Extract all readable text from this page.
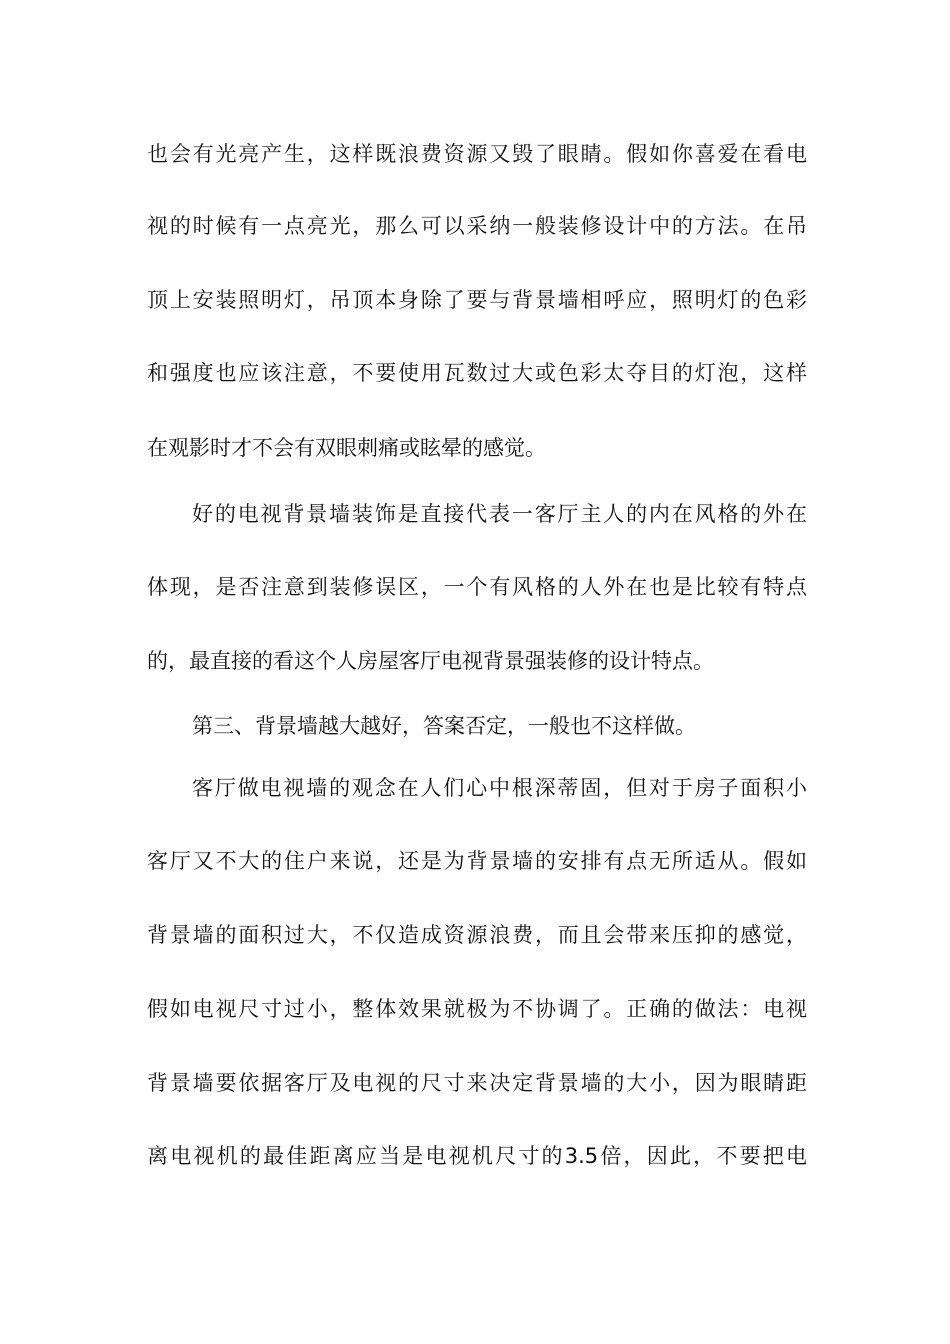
也会有光亮产生，这样既浪费资源又毁了眼睛。假如你喜爱在看电
视的时候有一点亮光，那么可以采纳一般装修设计中的方法。在吊
顶上安装照明灯，吊顶本身除了要与背景墙相呼应，照明灯的色彩
和强度也应该注意，不要使用瓦数过大或色彩太夺目的灯泡，这样
在观影时才不会有双眼刺痛或眩晕的感觉。
好的电视背景墙装饰是直接代表一客厅主人的内在风格的外在
体现，是否注意到装修误区，一个有风格的人外在也是比较有特点
的，最直接的看这个人房屋客厅电视背景强装修的设计特点。
第三、背景墙越大越好，答案否定，一般也不这样做。
客厅做电视墙的观念在人们心中根深蒂固，但对于房子面积小
客厅又不大的住户来说，还是为背景墙的安排有点无所适从。假如
背景墙的面积过大，不仅造成资源浪费，而且会带来压抑的感觉，
假如电视尺寸过小，整体效果就极为不协调了。正确的做法：电视
背景墙要依据客厅及电视的尺寸来决定背景墙的大小，因为眼睛距
离电视机的最佳距离应当是电视机尺寸的3.5倍，因此，不要把电
